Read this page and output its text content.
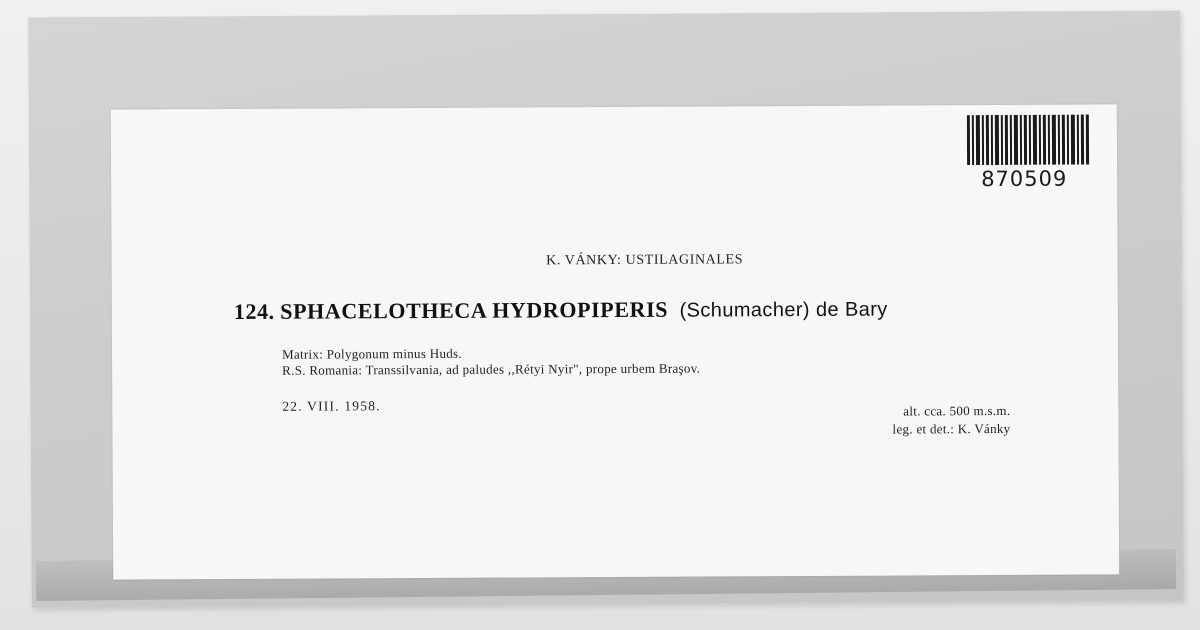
870509
K. VÁNKY: USTILAGINALES
124. SPHACELOTHECA HYDROPIPERIS (Schumacher) de Bary
Matrix: Polygonum minus Huds.
R.S. Romania: Transsilvania, ad paludes ,,Rétyi Nyir", prope urbem Braşov.
22. VIII. 1958.	alt. cca. 500 m.s.m.
leg. et det.: K. Vánky
